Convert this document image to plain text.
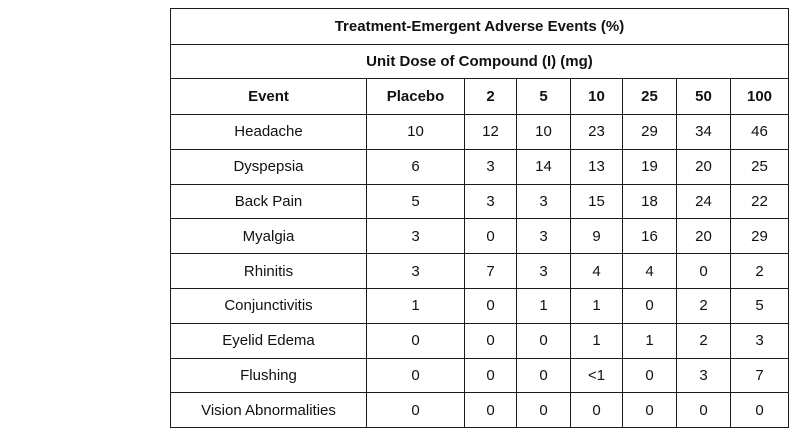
Treatment-Emergent Adverse Events (%)							
Unit Dose of Compound (I) (mg)							
Event	Placebo	2	5	10	25	50	100
Headache	10	12	10	23	29	34	46
Dyspepsia	6	3	14	13	19	20	25
Back Pain	5	3	3	15	18	24	22
Myalgia	3	0	3	9	16	20	29
Rhinitis	3	7	3	4	4	0	2
Conjunctivitis	1	0	1	1	0	2	5
Eyelid Edema	0	0	0	1	1	2	3
Flushing	0	0	0	<1	0	3	7
Vision Abnormalities	0	0	0	0	0	0	0
